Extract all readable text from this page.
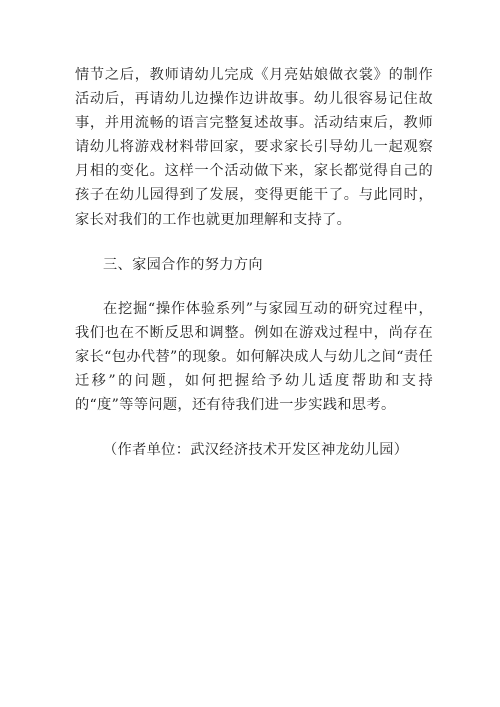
情节之后，教师请幼儿完成《月亮姑娘做衣裳》的制作活动后，再请幼儿边操作边讲故事。幼儿很容易记住故事，并用流畅的语言完整复述故事。活动结束后，教师请幼儿将游戏材料带回家，要求家长引导幼儿一起观察月相的变化。这样一个活动做下来，家长都觉得自己的孩子在幼儿园得到了发展，变得更能干了。与此同时，家长对我们的工作也就更加理解和支持了。

三、家园合作的努力方向

在挖掘“操作体验系列”与家园互动的研究过程中，我们也在不断反思和调整。例如在游戏过程中，尚存在家长“包办代替”的现象。如何解决成人与幼儿之间“责任迁移”的问题，如何把握给予幼儿适度帮助和支持的“度”等等问题，还有待我们进一步实践和思考。

（作者单位：武汉经济技术开发区神龙幼儿园）
